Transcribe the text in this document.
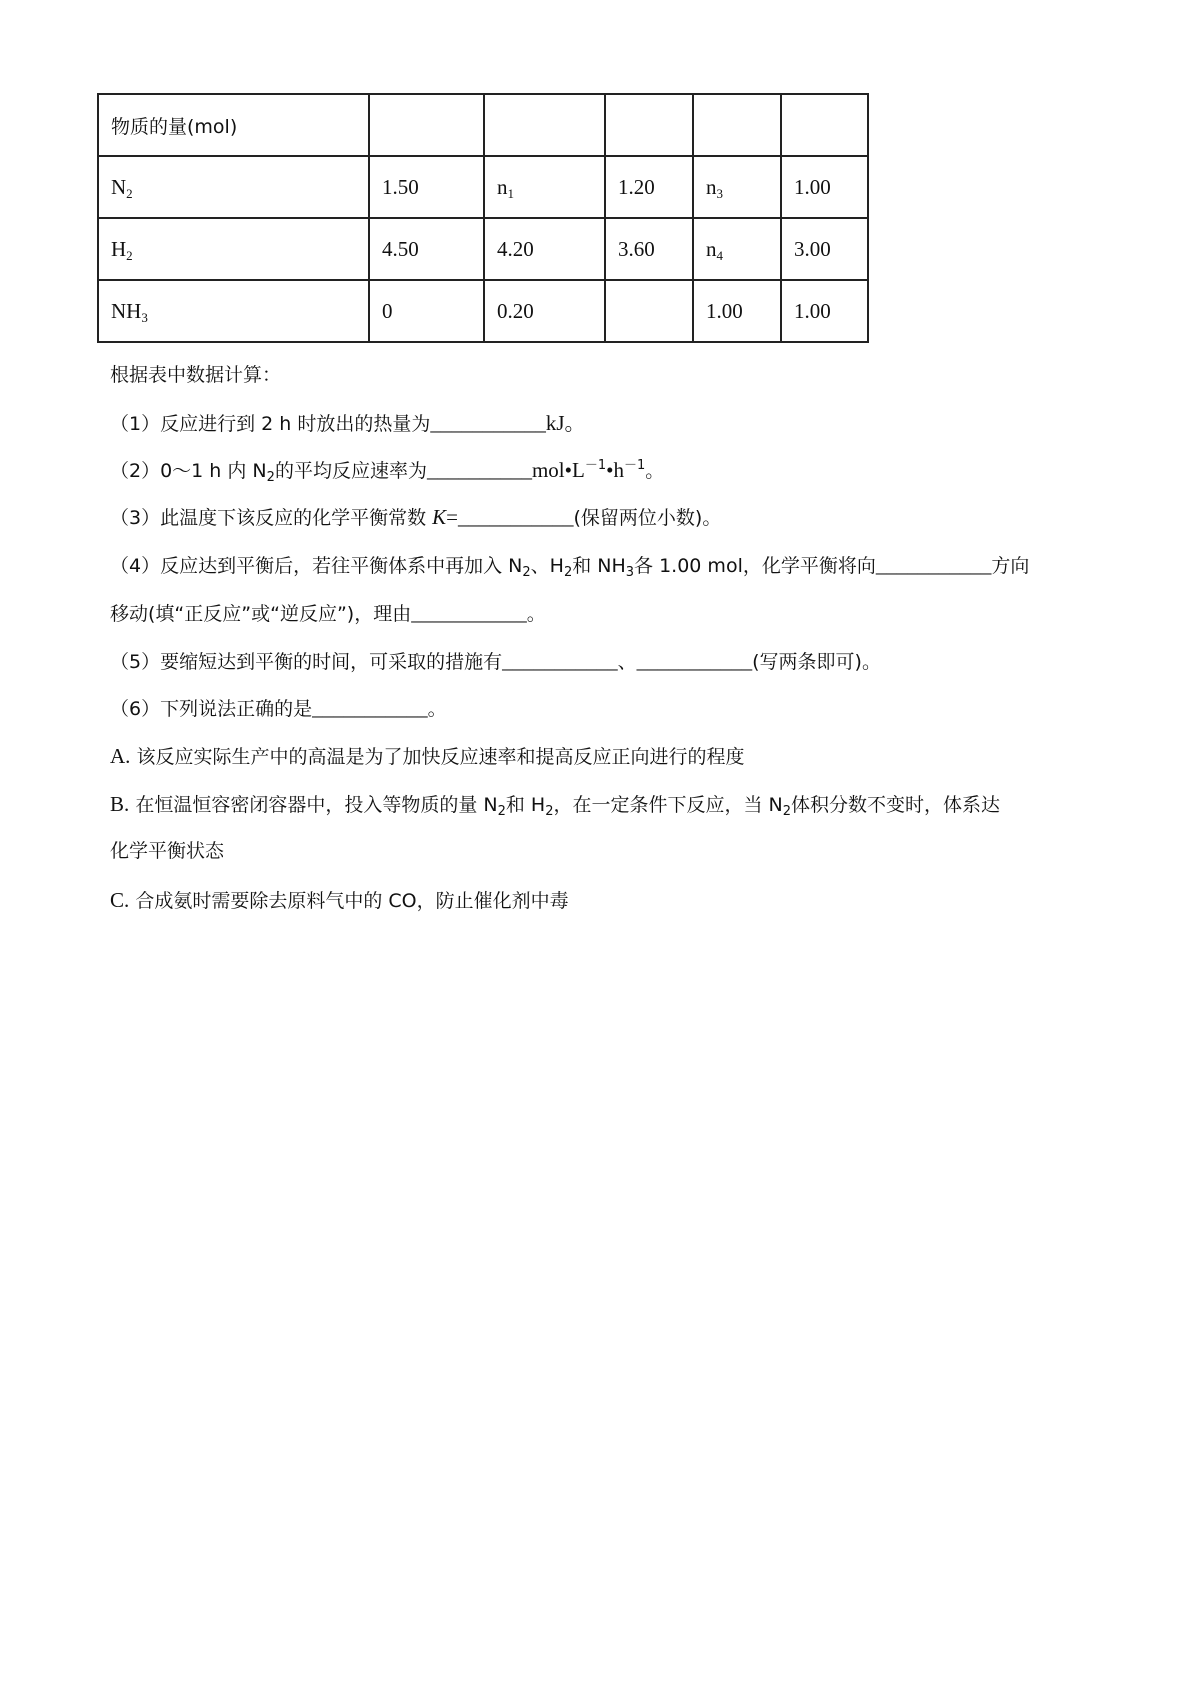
物质的量(mol)					
$N_2$	1.50	$n_1$	1.20	$n_3$	1.00
$H_2$	4.50	4.20	3.60	$n_4$	3.00
$NH_3$	0	0.20		1.00	1.00
根据表中数据计算：
（1）反应进行到 2 h 时放出的热量为___________kJ。
（2）0～1 h 内 $N_2$的平均反应速率为$\_\_\_\_\_\_\_\_\_\_mol•L^{-1}•h^{-1}$。
（3）此温度下该反应的化学平衡常数 K=___________(保留两位小数)。
（4）反应达到平衡后，若往平衡体系中再加入 $N_2$、$H_2$和 $NH_3$各 1.00 mol，化学平衡将向___________方向
移动(填“正反应”或“逆反应”)，理由___________。
（5）要缩短达到平衡的时间，可采取的措施有___________、___________(写两条即可)。
（6）下列说法正确的是___________。
A. 该反应实际生产中的高温是为了加快反应速率和提高反应正向进行的程度
B. 在恒温恒容密闭容器中，投入等物质的量 $N_2$和 $H_2$，在一定条件下反应，当 $N_2$体积分数不变时，体系达
化学平衡状态
C. 合成氨时需要除去原料气中的 CO，防止催化剂中毒
